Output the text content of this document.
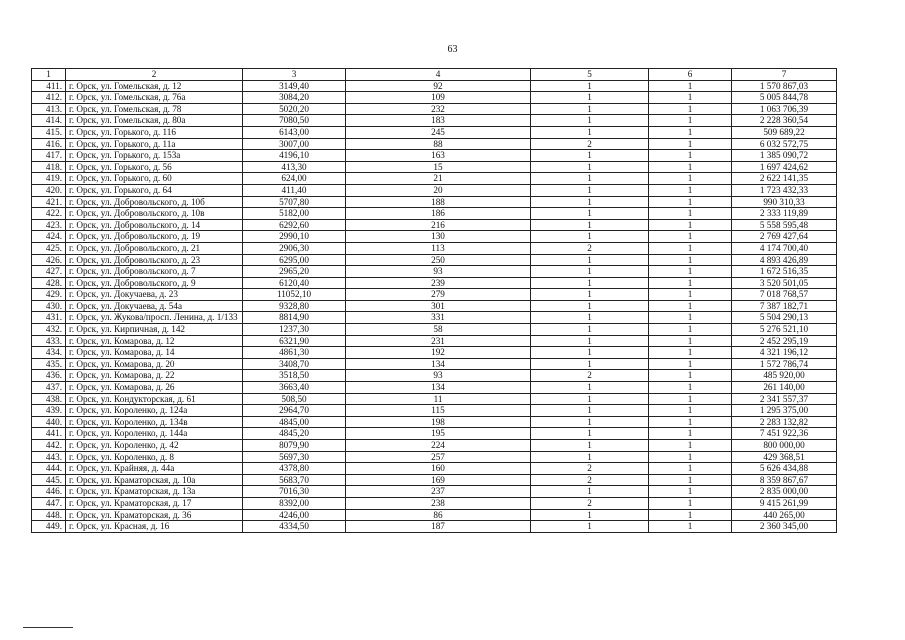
63
1	2	3	4	5	6	7
411.	г. Орск, ул. Гомельская, д. 12	3149,40	92	1	1	1 570 867,03
412.	г. Орск, ул. Гомельская, д. 76а	3084,20	109	1	1	5 005 844,78
413.	г. Орск, ул. Гомельская, д. 78	5020,20	232	1	1	1 063 706,39
414.	г. Орск, ул. Гомельская, д. 80а	7080,50	183	1	1	2 228 360,54
415.	г. Орск, ул. Горького, д. 116	6143,00	245	1	1	509 689,22
416.	г. Орск, ул. Горького, д. 11а	3007,00	88	2	1	6 032 572,75
417.	г. Орск, ул. Горького, д. 153а	4196,10	163	1	1	1 385 090,72
418.	г. Орск, ул. Горького, д. 56	413,30	15	1	1	1 697 424,62
419.	г. Орск, ул. Горького, д. 60	624,00	21	1	1	2 622 141,35
420.	г. Орск, ул. Горького, д. 64	411,40	20	1	1	1 723 432,33
421.	г. Орск, ул. Добровольского, д. 10б	5707,80	188	1	1	990 310,33
422.	г. Орск, ул. Добровольского, д. 10в	5182,00	186	1	1	2 333 119,89
423.	г. Орск, ул. Добровольского, д. 14	6292,60	216	1	1	5 558 595,48
424.	г. Орск, ул. Добровольского, д. 19	2990,10	130	1	1	2 769 427,64
425.	г. Орск, ул. Добровольского, д. 21	2906,30	113	2	1	4 174 700,40
426.	г. Орск, ул. Добровольского, д. 23	6295,00	250	1	1	4 893 426,89
427.	г. Орск, ул. Добровольского, д. 7	2965,20	93	1	1	1 672 516,35
428.	г. Орск, ул. Добровольского, д. 9	6120,40	239	1	1	3 520 501,05
429.	г. Орск, ул. Докучаева, д. 23	11052,10	279	1	1	7 018 768,57
430.	г. Орск, ул. Докучаева, д. 54а	9328,80	301	1	1	7 387 182,71
431.	г. Орск, ул. Жукова/просп. Ленина, д. 1/133	8814,90	331	1	1	5 504 290,13
432.	г. Орск, ул. Кирпичная, д. 142	1237,30	58	1	1	5 276 521,10
433.	г. Орск, ул. Комарова, д. 12	6321,90	231	1	1	2 452 295,19
434.	г. Орск, ул. Комарова, д. 14	4861,30	192	1	1	4 321 196,12
435.	г. Орск, ул. Комарова, д. 20	3408,70	134	1	1	1 572 786,74
436.	г. Орск, ул. Комарова, д. 22	3518,50	93	2	1	485 920,00
437.	г. Орск, ул. Комарова, д. 26	3663,40	134	1	1	261 140,00
438.	г. Орск, ул. Кондукторская, д. 61	508,50	11	1	1	2 341 557,37
439.	г. Орск, ул. Короленко, д. 124а	2964,70	115	1	1	1 295 375,00
440.	г. Орск, ул. Короленко, д. 134в	4845,00	198	1	1	2 283 132,82
441.	г. Орск, ул. Короленко, д. 144а	4845,20	195	1	1	7 451 922,36
442.	г. Орск, ул. Короленко, д. 42	8079,90	224	1	1	800 000,00
443.	г. Орск, ул. Короленко, д. 8	5697,30	257	1	1	429 368,51
444.	г. Орск, ул. Крайняя, д. 44а	4378,80	160	2	1	5 626 434,88
445.	г. Орск, ул. Краматорская, д. 10а	5683,70	169	2	1	8 359 867,67
446.	г. Орск, ул. Краматорская, д. 13а	7016,30	237	1	1	2 835 000,00
447.	г. Орск, ул. Краматорская, д. 17	8392,00	238	2	1	9 415 261,99
448.	г. Орск, ул. Краматорская, д. 36	4246,00	86	1	1	440 265,00
449.	г. Орск, ул. Красная, д. 16	4334,50	187	1	1	2 360 345,00
